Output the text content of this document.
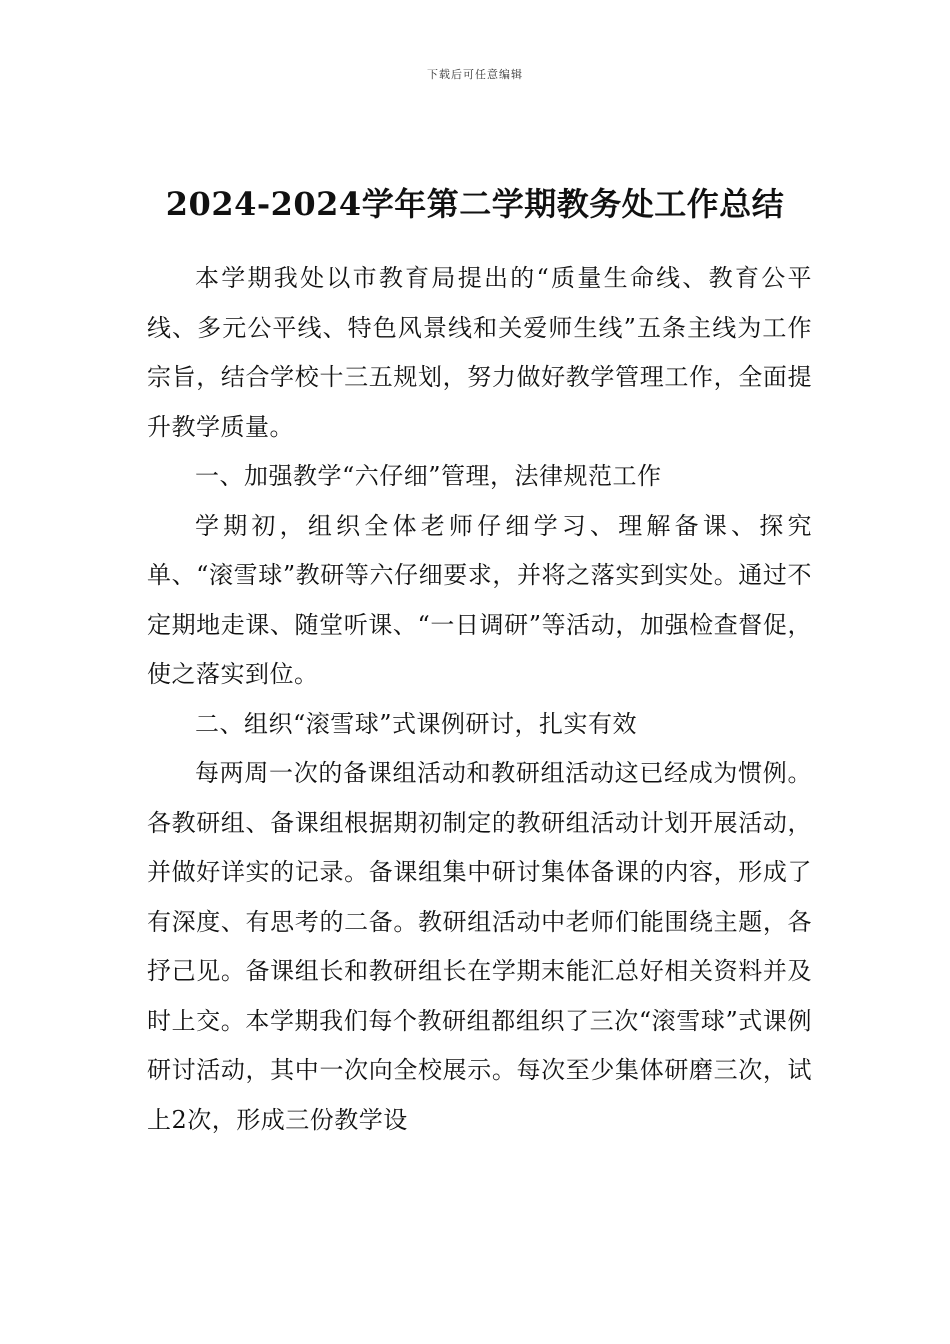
下载后可任意编辑
2024-2024学年第二学期教务处工作总结

本学期我处以市教育局提出的“质量生命线、教育公平线、多元公平线、特色风景线和关爱师生线”五条主线为工作宗旨，结合学校十三五规划，努力做好教学管理工作，全面提升教学质量。

一、加强教学“六仔细”管理，法律规范工作

学期初，组织全体老师仔细学习、理解备课、探究单、“滚雪球”教研等六仔细要求，并将之落实到实处。通过不定期地走课、随堂听课、“一日调研”等活动，加强检查督促，使之落实到位。

二、组织“滚雪球”式课例研讨，扎实有效

每两周一次的备课组活动和教研组活动这已经成为惯例。各教研组、备课组根据期初制定的教研组活动计划开展活动，并做好详实的记录。备课组集中研讨集体备课的内容，形成了有深度、有思考的二备。教研组活动中老师们能围绕主题，各抒己见。备课组长和教研组长在学期末能汇总好相关资料并及时上交。本学期我们每个教研组都组织了三次“滚雪球”式课例研讨活动，其中一次向全校展示。每次至少集体研磨三次，试上2次，形成三份教学设
